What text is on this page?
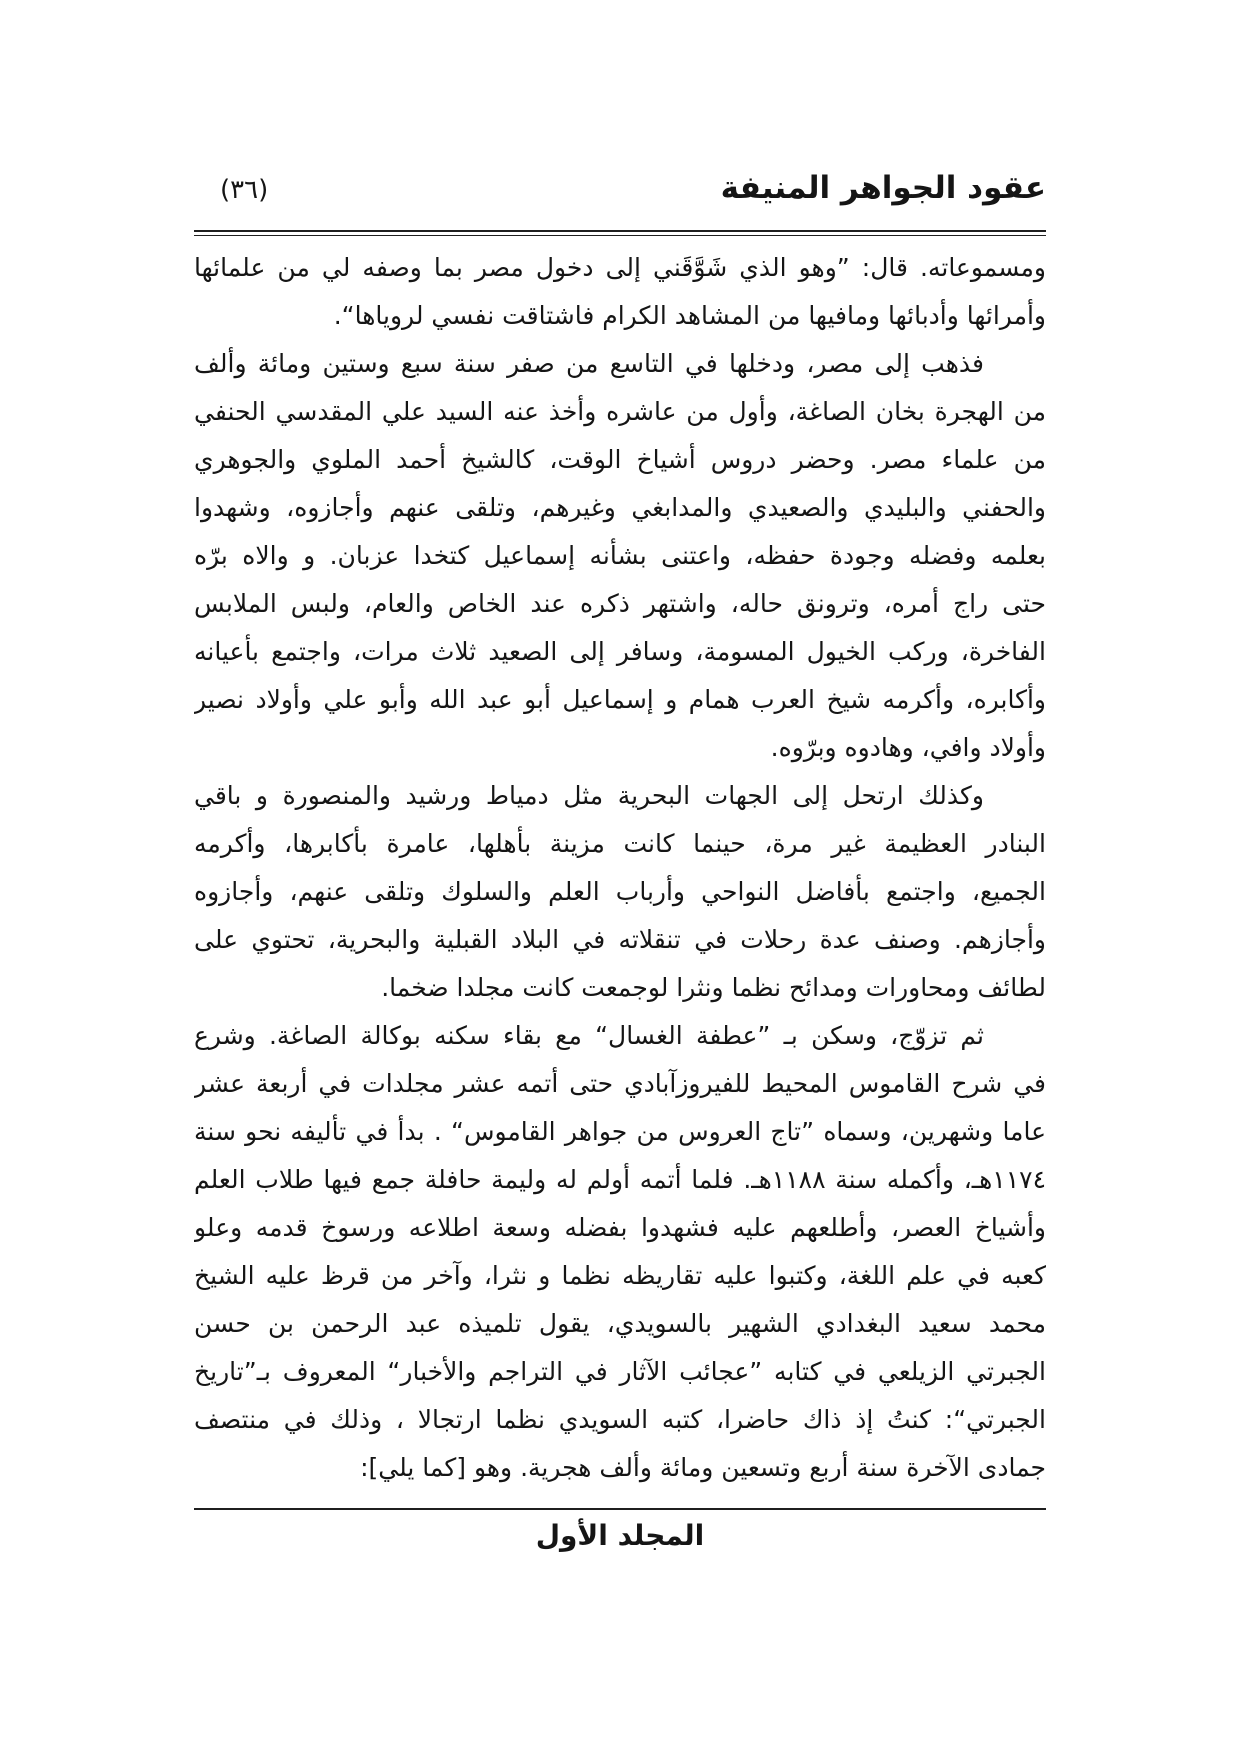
عقود الجواهر المنيفة
(٣٦)
ومسموعاته. قال: ”وهو الذي شَوَّقَني إلى دخول مصر بما وصفه لي من علمائها
وأمرائها وأدبائها ومافيها من المشاهد الكرام فاشتاقت نفسي لروياها“.
فذهب إلى مصر، ودخلها في التاسع من صفر سنة سبع وستين ومائة وألف
من الهجرة بخان الصاغة، وأول من عاشره وأخذ عنه السيد علي المقدسي الحنفي
من علماء مصر. وحضر دروس أشياخ الوقت، كالشيخ أحمد الملوي والجوهري
والحفني والبليدي والصعيدي والمدابغي وغيرهم، وتلقى عنهم وأجازوه، وشهدوا
بعلمه وفضله وجودة حفظه، واعتنى بشأنه إسماعيل كتخدا عزبان. و والاه برّه
حتى راج أمره، وترونق حاله، واشتهر ذكره عند الخاص والعام، ولبس الملابس
الفاخرة، وركب الخيول المسومة، وسافر إلى الصعيد ثلاث مرات، واجتمع بأعيانه
وأكابره، وأكرمه شيخ العرب همام و إسماعيل أبو عبد الله وأبو علي وأولاد نصير
وأولاد وافي، وهادوه وبرّوه.
وكذلك ارتحل إلى الجهات البحرية مثل دمياط ورشيد والمنصورة و باقي
البنادر العظيمة غير مرة، حينما كانت مزينة بأهلها، عامرة بأكابرها، وأكرمه
الجميع، واجتمع بأفاضل النواحي وأرباب العلم والسلوك وتلقى عنهم، وأجازوه
وأجازهم. وصنف عدة رحلات في تنقلاته في البلاد القبلية والبحرية، تحتوي على
لطائف ومحاورات ومدائح نظما ونثرا لوجمعت كانت مجلدا ضخما.
ثم تزوّج، وسكن بـ ”عطفة الغسال“ مع بقاء سكنه بوكالة الصاغة. وشرع
في شرح القاموس المحيط للفيروزآبادي حتى أتمه عشر مجلدات في أربعة عشر
عاما وشهرين، وسماه ”تاج العروس من جواهر القاموس“ . بدأ في تأليفه نحو سنة
١١٧٤هـ، وأكمله سنة ١١٨٨هـ. فلما أتمه أولم له وليمة حافلة جمع فيها طلاب العلم
وأشياخ العصر، وأطلعهم عليه فشهدوا بفضله وسعة اطلاعه ورسوخ قدمه وعلو
كعبه في علم اللغة، وكتبوا عليه تقاريظه نظما و نثرا، وآخر من قرظ عليه الشيخ
محمد سعيد البغدادي الشهير بالسويدي، يقول تلميذه عبد الرحمن بن حسن
الجبرتي الزيلعي في كتابه ”عجائب الآثار في التراجم والأخبار“ المعروف بـ”تاريخ
الجبرتي“: كنتُ إذ ذاك حاضرا، كتبه السويدي نظما ارتجالا ، وذلك في منتصف
جمادى الآخرة سنة أربع وتسعين ومائة وألف هجرية. وهو [كما يلي]:
المجلد الأول
